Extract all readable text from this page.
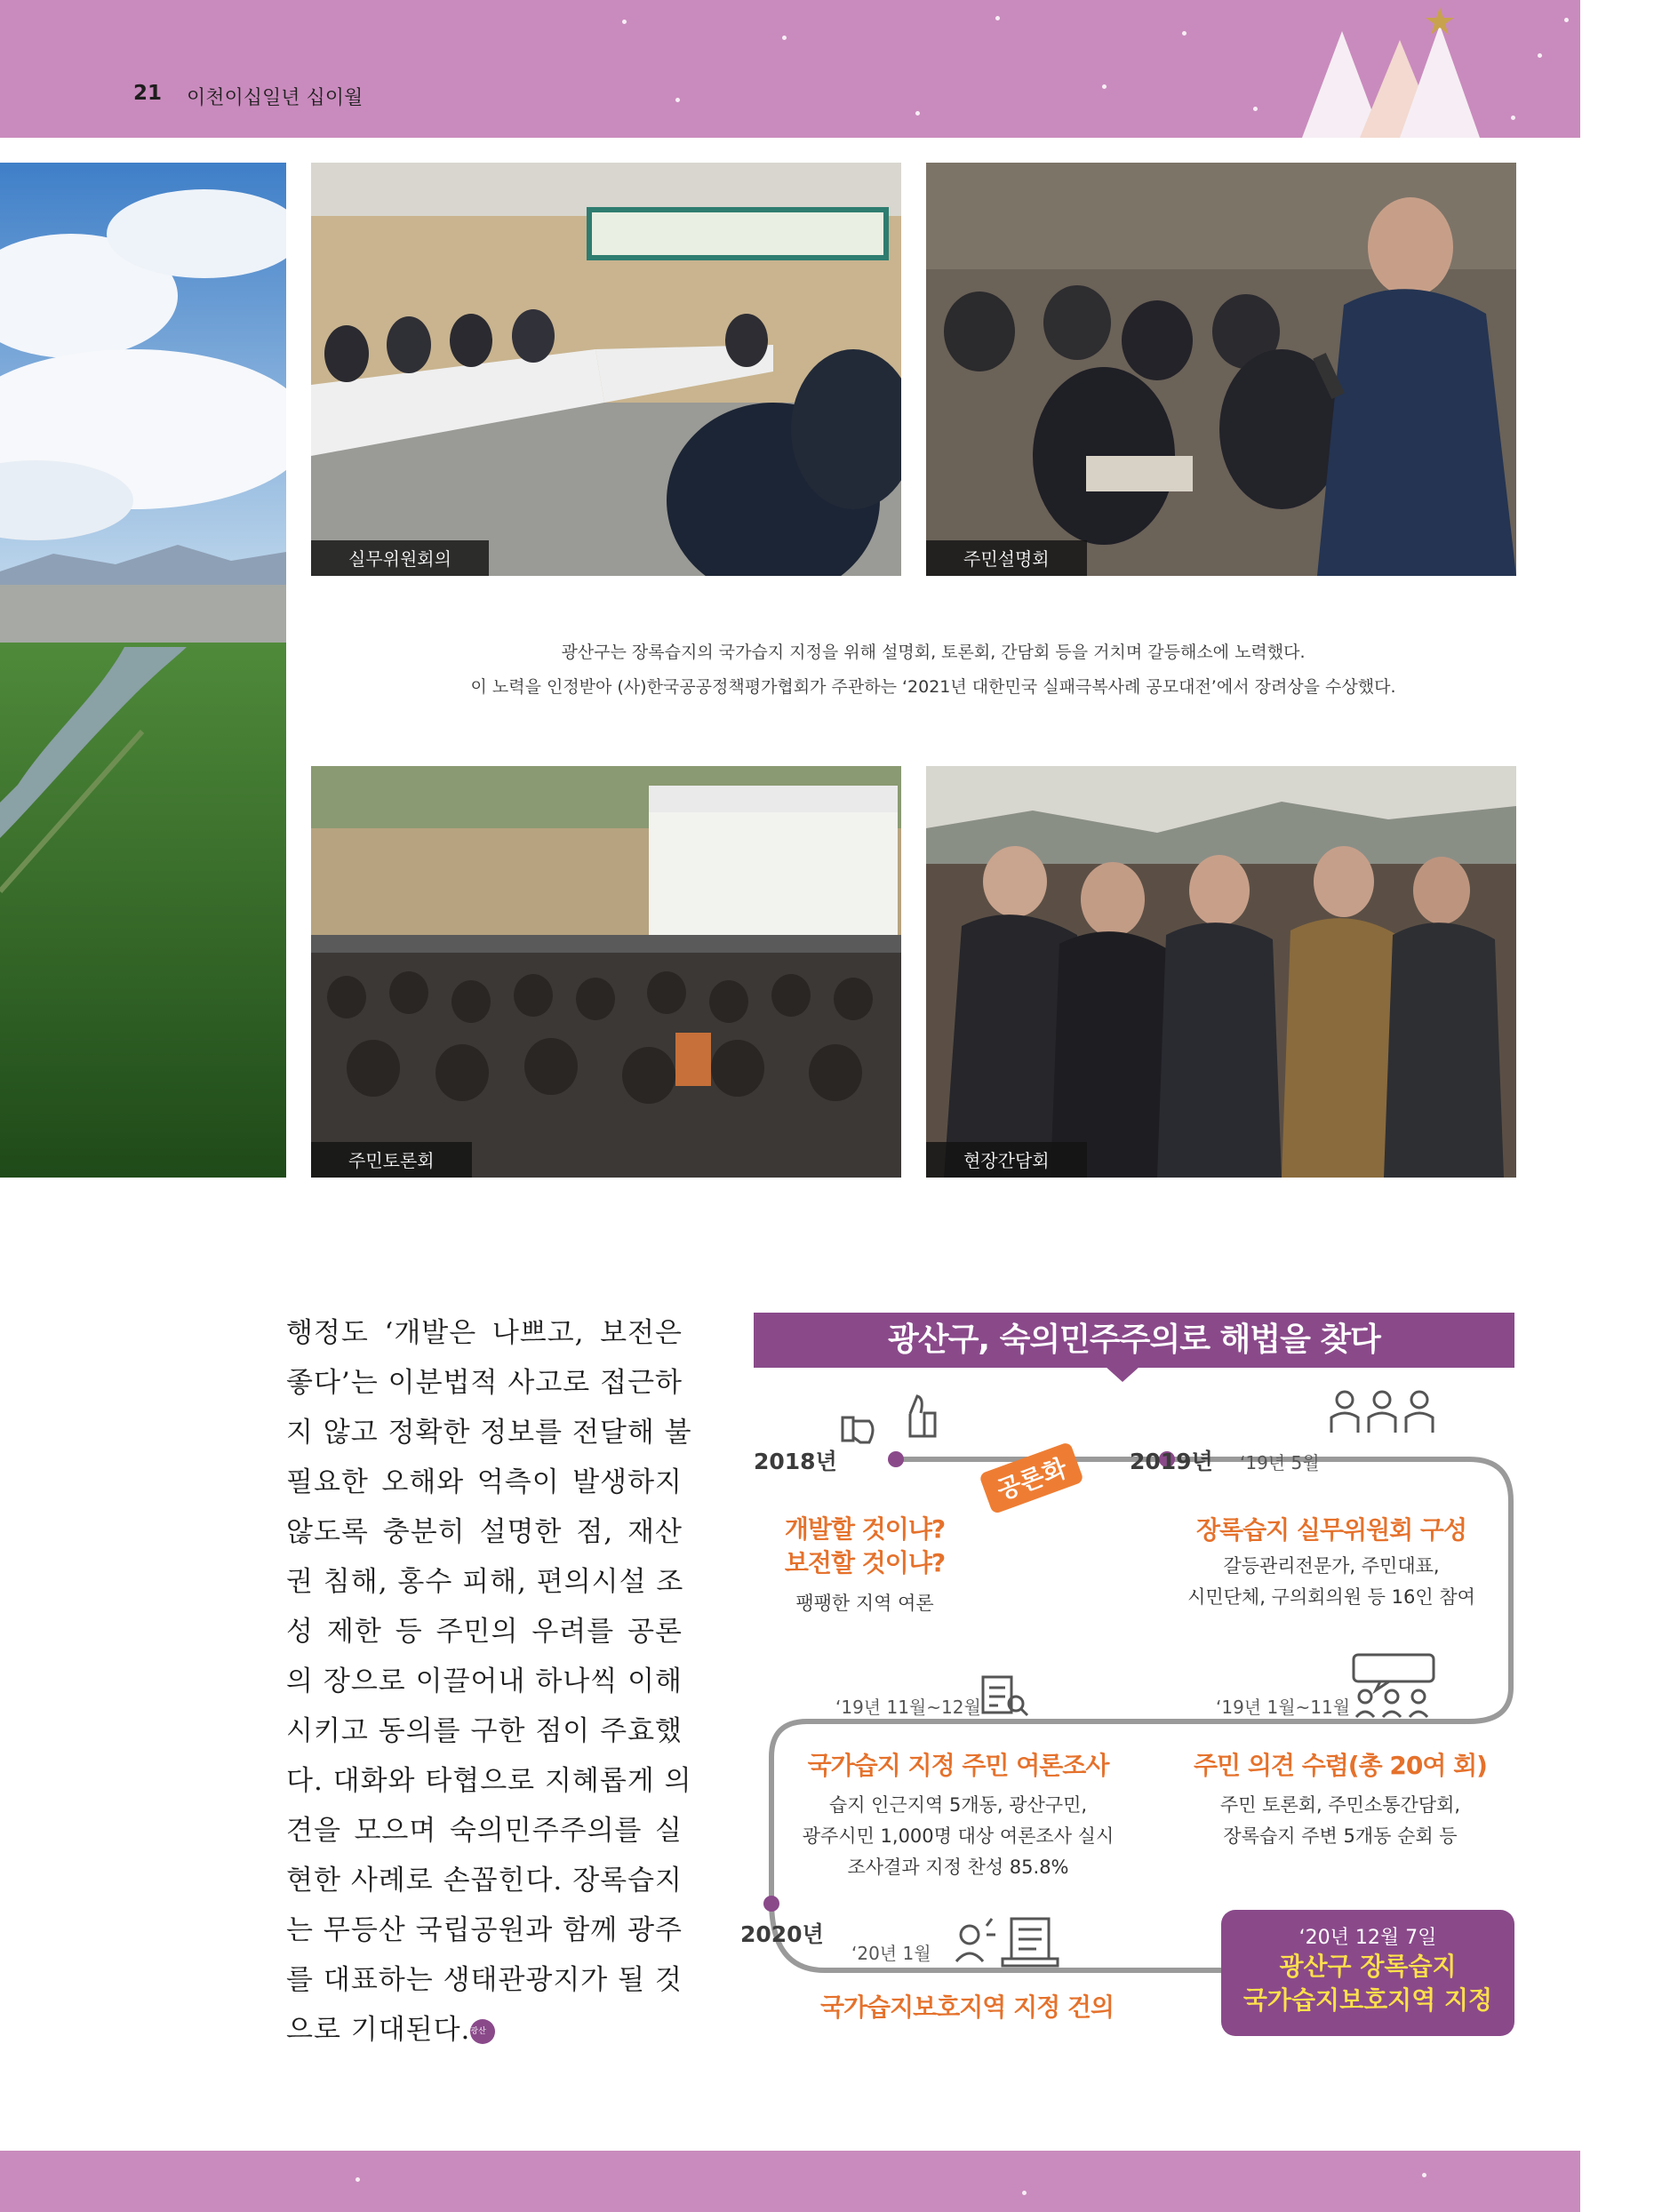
21 이천이십일년 십이월
실무위원회의	주민설명회
광산구는 장록습지의 국가습지 지정을 위해 설명회, 토론회, 간담회 등을 거치며 갈등해소에 노력했다.
이 노력을 인정받아 (사)한국공공정책평가협회가 주관하는 ‘2021년 대한민국 실패극복사례 공모대전’에서 장려상을 수상했다.
주민토론회	현장간담회
행정도 ‘개발은 나쁘고, 보전은
좋다’는 이분법적 사고로 접근하
지 않고 정확한 정보를 전달해 불
필요한 오해와 억측이 발생하지
않도록 충분히 설명한 점, 재산
권 침해, 홍수 피해, 편의시설 조
성 제한 등 주민의 우려를 공론
의 장으로 이끌어내 하나씩 이해
시키고 동의를 구한 점이 주효했
다. 대화와 타협으로 지혜롭게 의
견을 모으며 숙의민주주의를 실
현한 사례로 손꼽힌다. 장록습지
는 무등산 국립공원과 함께 광주
를 대표하는 생태관광지가 될 것
으로 기대된다.광산
광산구, 숙의민주주의로 해법을 찾다
공론화
2018년
개발할 것이냐?
보전할 것이냐?
팽팽한 지역 여론
2019년 ‘19년 5월
장록습지 실무위원회 구성
갈등관리전문가, 주민대표,
시민단체, 구의회의원 등 16인 참여
‘19년 1월~11월
주민 의견 수렴(총 20여 회)
주민 토론회, 주민소통간담회,
장록습지 주변 5개동 순회 등
‘19년 11월~12월
국가습지 지정 주민 여론조사
습지 인근지역 5개동, 광산구민,
광주시민 1,000명 대상 여론조사 실시
조사결과 지정 찬성 85.8%
2020년
‘20년 1월
국가습지보호지역 지정 건의
‘20년 12월 7일
광산구 장록습지
국가습지보호지역 지정
